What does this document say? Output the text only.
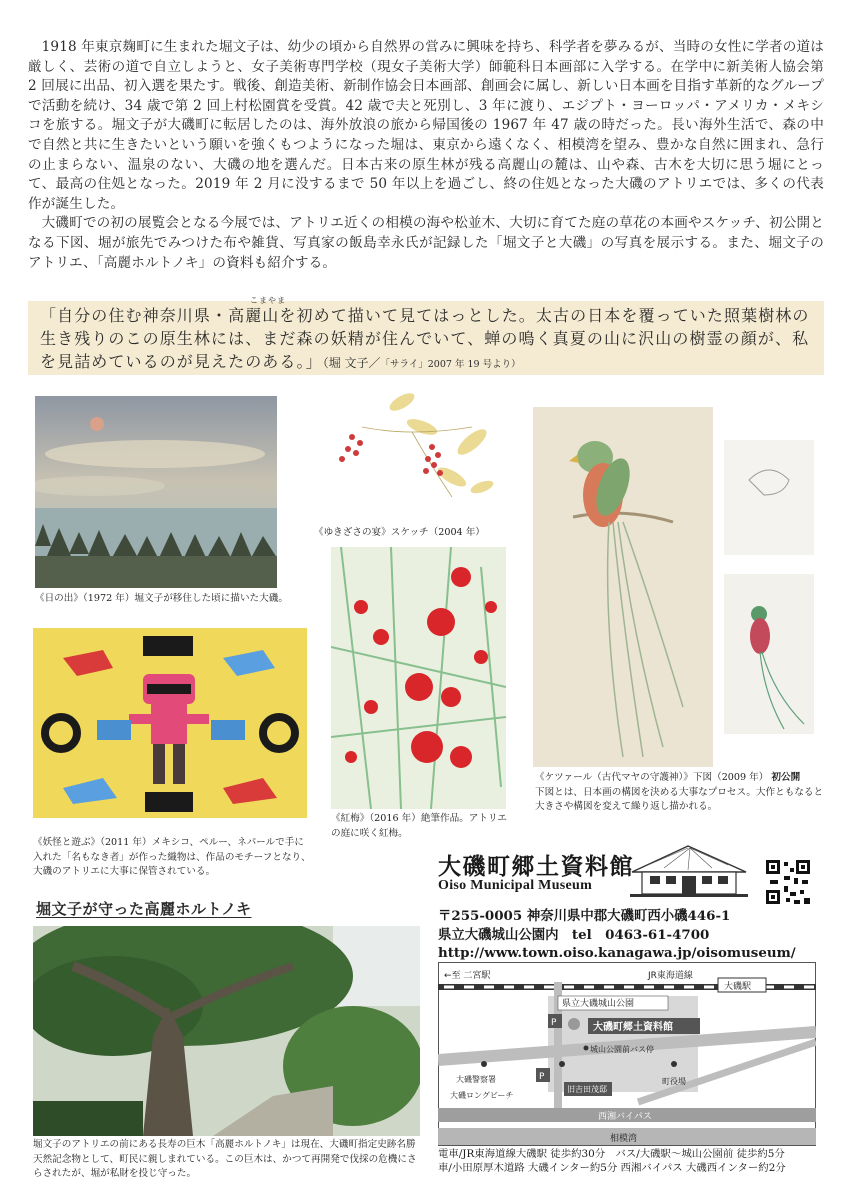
1918 年東京麹町に生まれた堀文子は、幼少の頃から自然界の営みに興味を持ち、科学者を夢みるが、当時の女性に学者の道は厳しく、芸術の道で自立しようと、女子美術専門学校（現女子美術大学）師範科日本画部に入学する。在学中に新美術人協会第 2 回展に出品、初入選を果たす。戦後、創造美術、新制作協会日本画部、創画会に属し、新しい日本画を目指す革新的なグループで活動を続け、34 歳で第 2 回上村松園賞を受賞。42 歳で夫と死別し、3 年に渡り、エジプト・ヨーロッパ・アメリカ・メキシコを旅する。堀文子が大磯町に転居したのは、海外放浪の旅から帰国後の 1967 年 47 歳の時だった。長い海外生活で、森の中で自然と共に生きたいという願いを強くもつようになった堀は、東京から遠くなく、相模湾を望み、豊かな自然に囲まれ、急行の止まらない、温泉のない、大磯の地を選んだ。日本古来の原生林が残る高麗山の麓は、山や森、古木を大切に思う堀にとって、最高の住処となった。2019 年 2 月に没するまで 50 年以上を過ごし、終の住処となった大磯のアトリエでは、多くの代表作が誕生した。

大磯町での初の展覧会となる今展では、アトリエ近くの相模の海や松並木、大切に育てた庭の草花の本画やスケッチ、初公開となる下図、堀が旅先でみつけた布や雑貨、写真家の飯島幸永氏が記録した「堀文子と大磯」の写真を展示する。また、堀文子のアトリエ、「高麗ホルトノキ」の資料も紹介する。

こまやま
「自分の住む神奈川県・高麗山を初めて描いて見てはっとした。太古の日本を覆っていた照葉樹林の生き残りのこの原生林には、まだ森の妖精が住んでいて、蝉の鳴く真夏の山に沢山の樹霊の顔が、私を見詰めているのが見えたのある。」（堀 文子／「サライ」2007 年 19 号より）
《日の出》（1972 年）堀文子が移住した頃に描いた大磯。
《ゆきざさの宴》スケッチ（2004 年）
《紅梅》（2016 年）絶筆作品。アトリエの庭に咲く紅梅。
《ケツァール（古代マヤの守護神）》下図（2009 年） 初公開
下図とは、日本画の構図を決める大事なプロセス。大作ともなると大きさや構図を変えて繰り返し描かれる。
《妖怪と遊ぶ》（2011 年）メキシコ、ペルー、ネパールで手に入れた「名もなき者」が作った織物は、作品のモチーフとなり、大磯のアトリエに大事に保管されている。
堀文子が守った高麗ホルトノキ
堀文子のアトリエの前にある長寿の巨木「高麗ホルトノキ」は現在、大磯町指定史跡名勝天然記念物として、町民に親しまれている。この巨木は、かつて再開発で伐採の危機にさらされたが、堀が私財を投じ守った。
大磯町郷土資料館
Oiso Municipal Museum
〒255-0005 神奈川県中郡大磯町西小磯446-1
県立大磯城山公園内　tel　0463-61-4700
http://www.town.oiso.kanagawa.jp/oisomuseum/
←至 二宮駅	JR東海道線
大磯駅
県立大磯城山公園
大磯町郷土資料館
P
P
城山公園前バス停
大磯警察署
大磯ロングビーチ
旧吉田茂邸
町役場
西湘バイパス
相模湾
電車/JR東海道線大磯駅 徒歩約30分　バス/大磯駅～城山公園前 徒歩約5分
車/小田原厚木道路 大磯インター約5分 西湘バイパス 大磯西インター約2分
